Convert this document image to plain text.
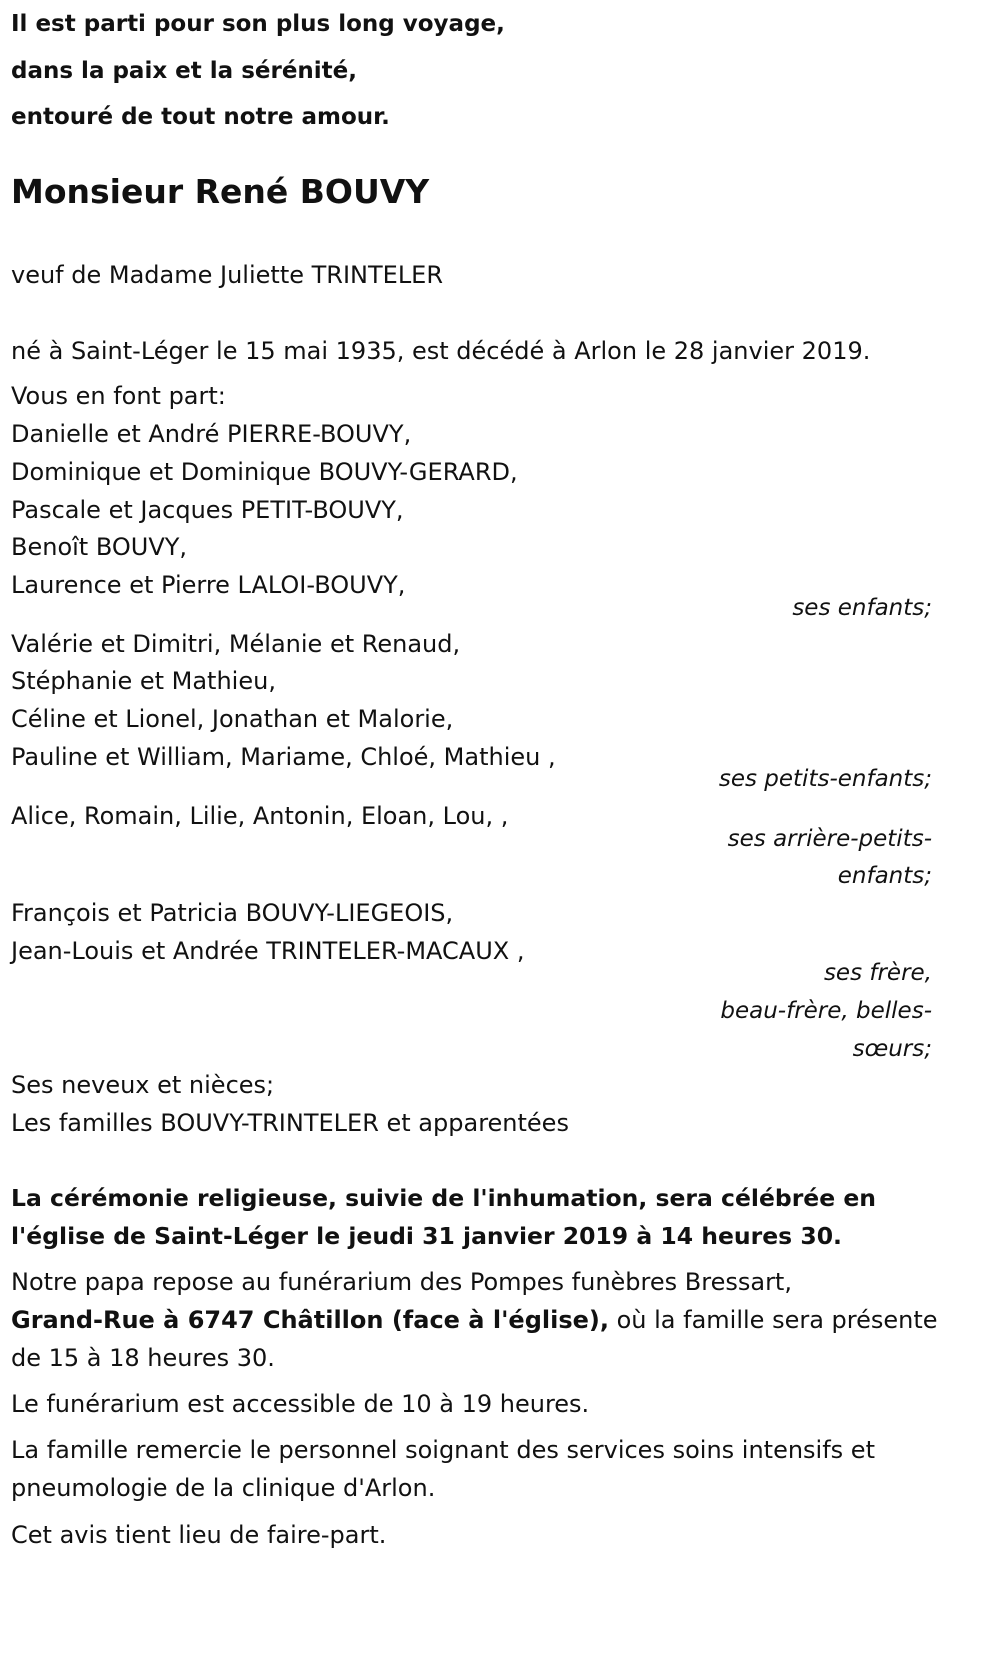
Il est parti pour son plus long voyage,
dans la paix et la sérénité,
entouré de tout notre amour.
Monsieur René BOUVY
veuf de Madame Juliette TRINTELER
né à Saint-Léger le 15 mai 1935, est décédé à Arlon le 28 janvier 2019.
Vous en font part:
Danielle et André PIERRE-BOUVY,
Dominique et Dominique BOUVY-GERARD,
Pascale et Jacques PETIT-BOUVY,
Benoît BOUVY,
Laurence et Pierre LALOI-BOUVY,
ses enfants;
Valérie et Dimitri, Mélanie et Renaud,
Stéphanie et Mathieu,
Céline et Lionel, Jonathan et Malorie,
Pauline et William, Mariame, Chloé, Mathieu ,
ses petits-enfants;
Alice, Romain, Lilie, Antonin, Eloan, Lou, ,
ses arrière-petits-
enfants;
François et Patricia BOUVY-LIEGEOIS,
Jean-Louis et Andrée TRINTELER-MACAUX ,
ses frère,
beau-frère, belles-
sœurs;
Ses neveux et nièces;
Les familles BOUVY-TRINTELER et apparentées
La cérémonie religieuse, suivie de l'inhumation, sera célébrée en
l'église de Saint-Léger le jeudi 31 janvier 2019 à 14 heures 30.
Notre papa repose au funérarium des Pompes funèbres Bressart,
Grand-Rue à 6747 Châtillon (face à l'église), où la famille sera présente
de 15 à 18 heures 30.
Le funérarium est accessible de 10 à 19 heures.
La famille remercie le personnel soignant des services soins intensifs et
pneumologie de la clinique d'Arlon.
Cet avis tient lieu de faire-part.
